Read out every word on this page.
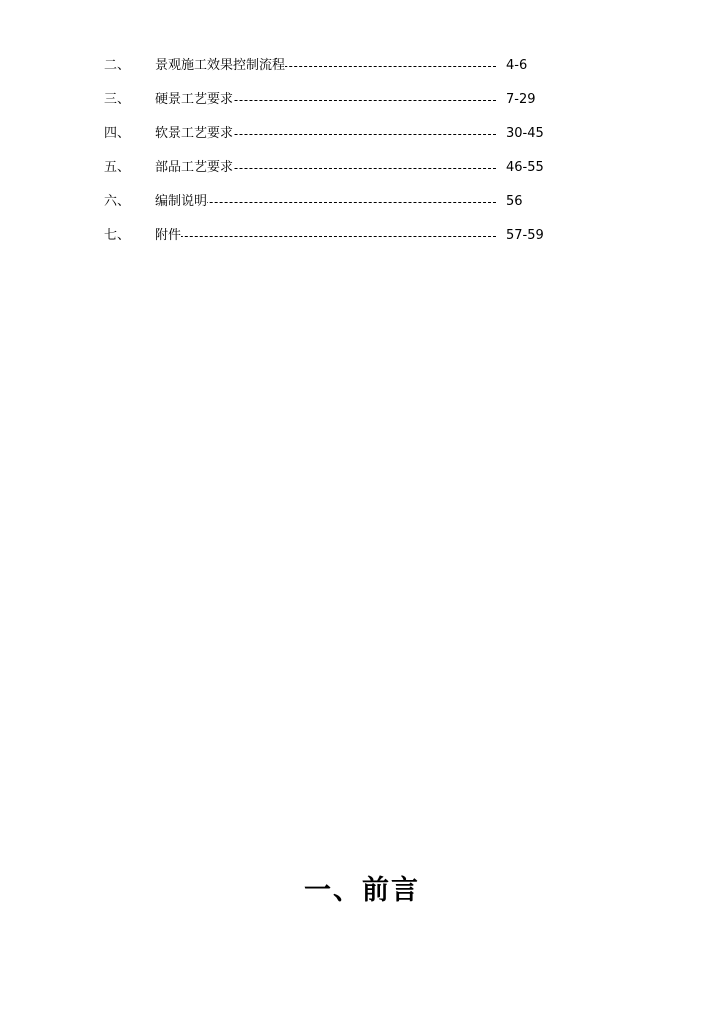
二、 景观施工效果控制流程	4-6
三、 硬景工艺要求	7-29
四、 软景工艺要求	30-45
五、 部品工艺要求	46-55
六、 编制说明	56
七、 附件	57-59
一、前言
